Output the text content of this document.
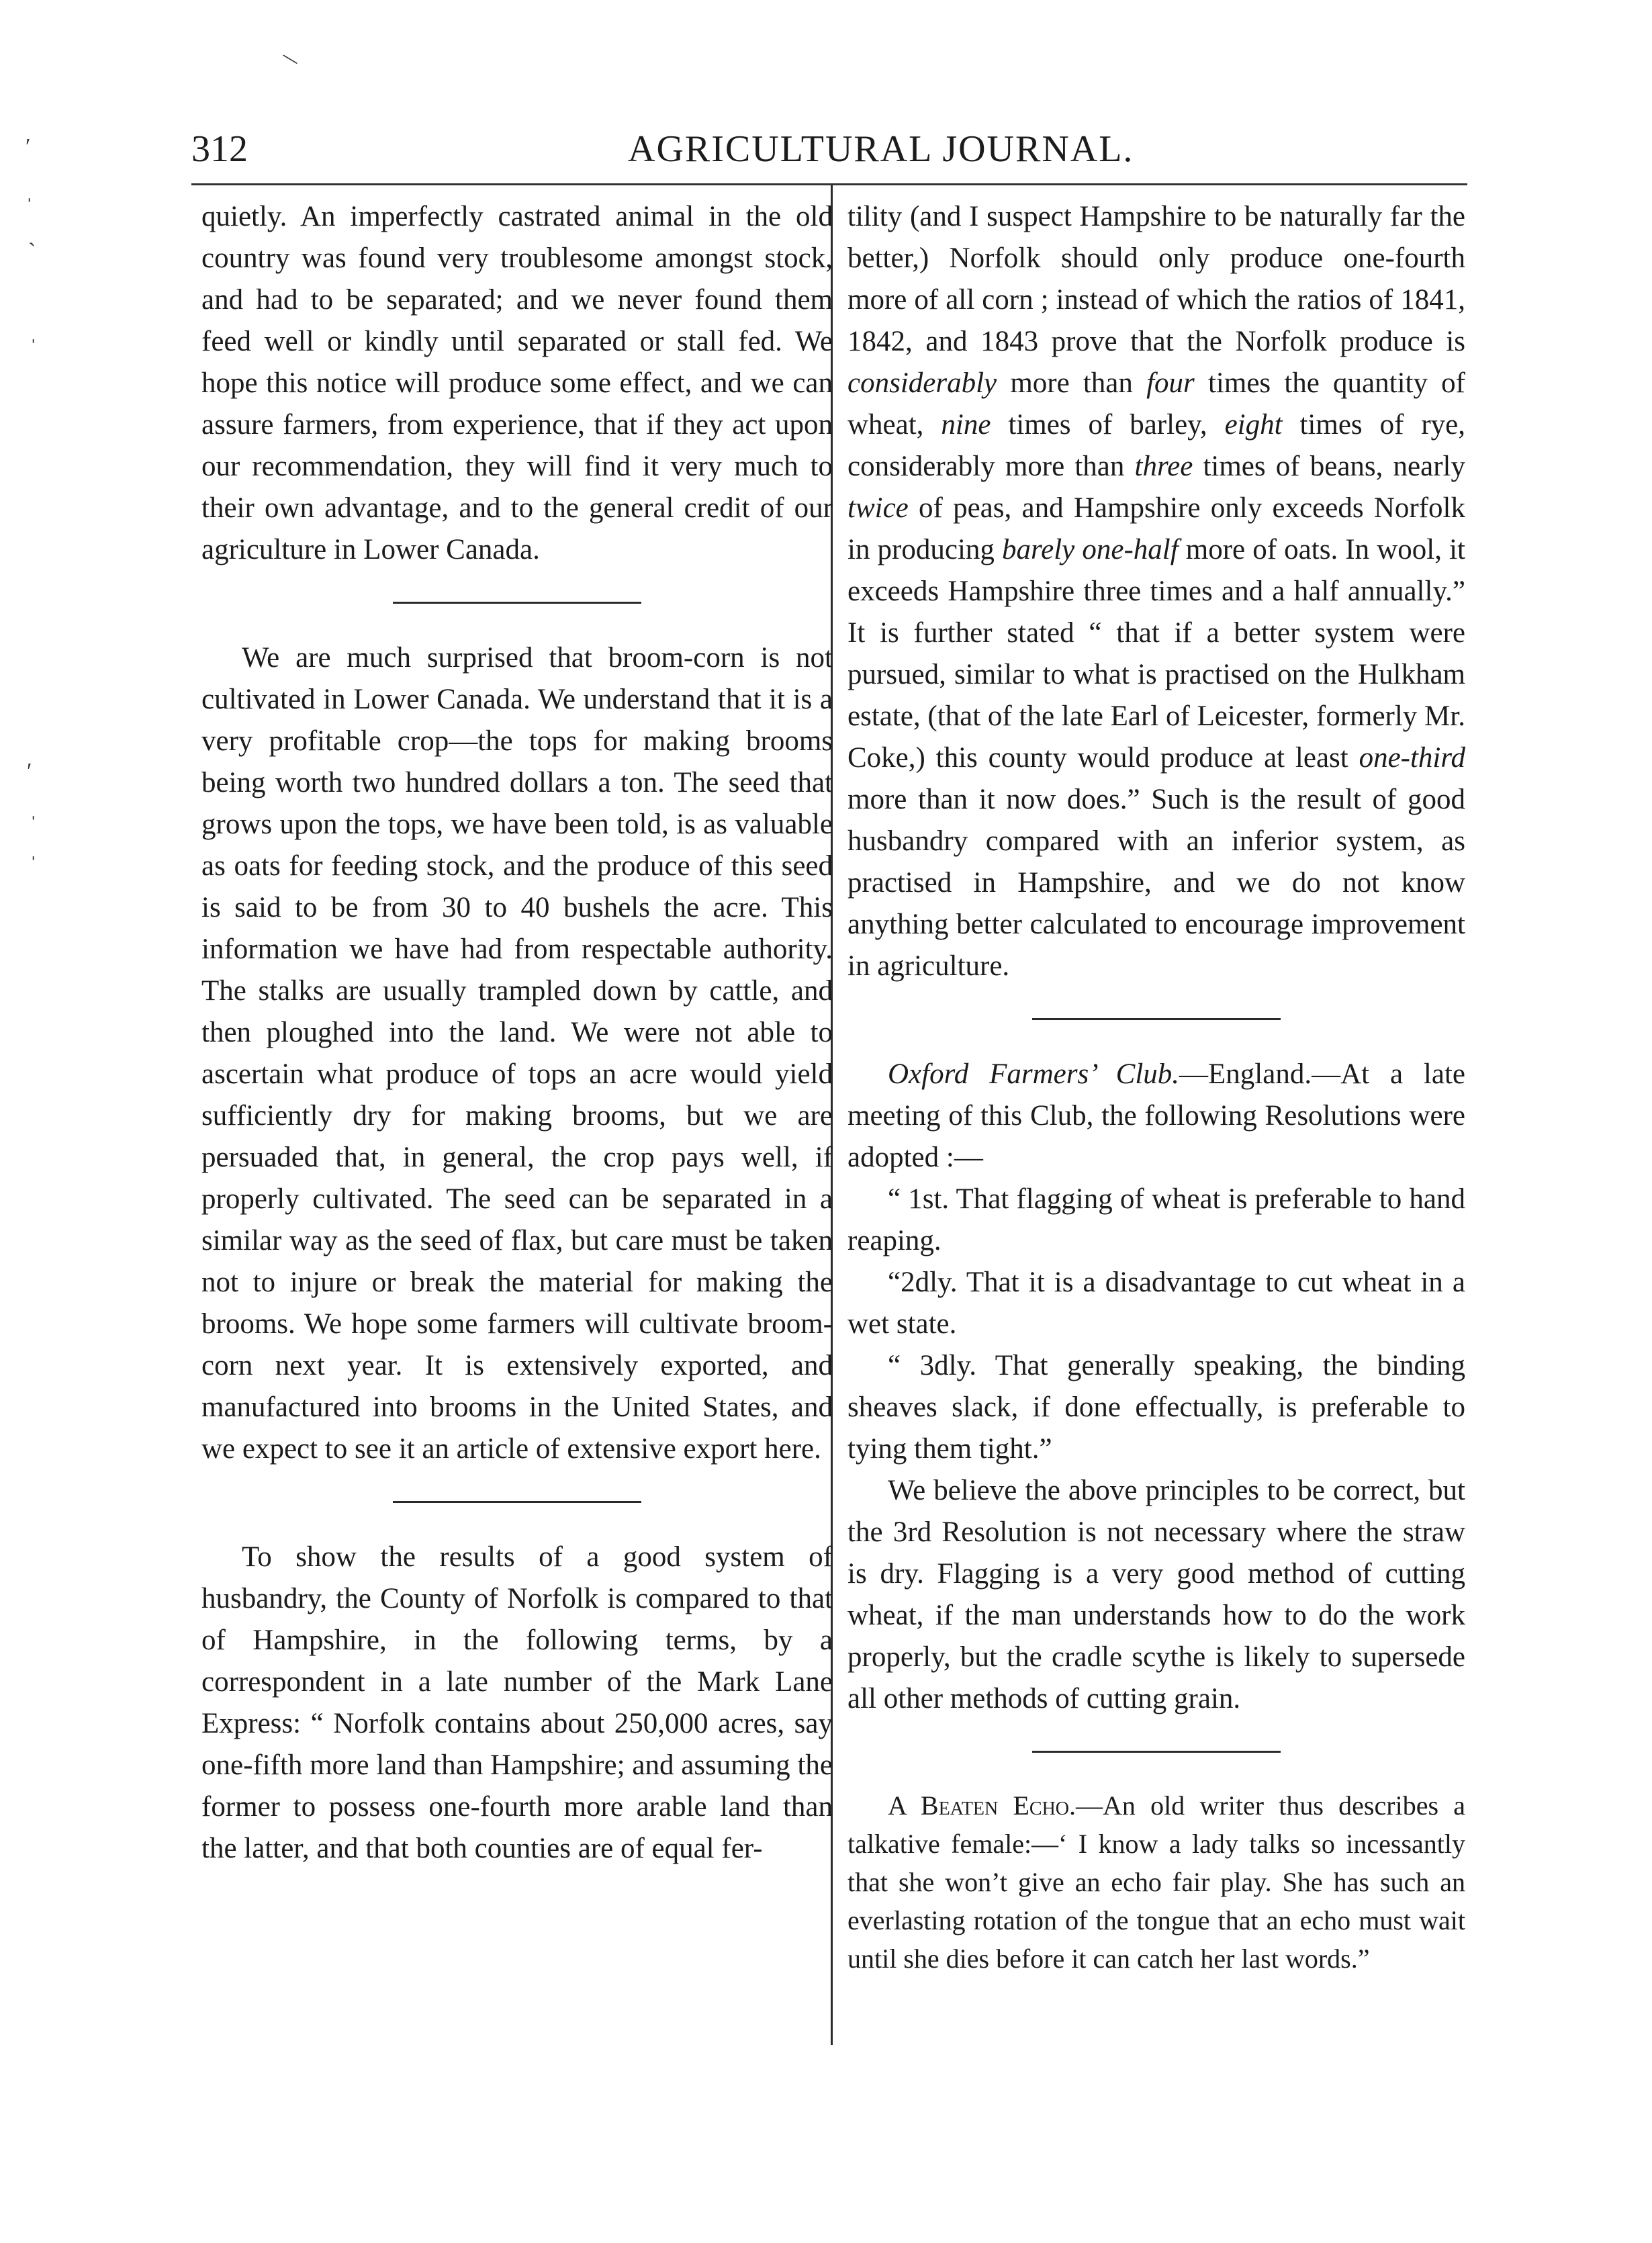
\
′
ˈ
ˎ
ˈ
′
ˈ
ˈ
312	AGRICULTURAL JOURNAL.

quietly. An imperfectly castrated animal in the old country was found very troublesome amongst stock, and had to be separated; and we never found them feed well or kindly until separated or stall fed. We hope this notice will produce some effect, and we can assure farmers, from experience, that if they act upon our recommendation, they will find it very much to their own advantage, and to the general credit of our agriculture in Lower Canada.

We are much surprised that broom-corn is not cultivated in Lower Canada. We understand that it is a very profitable crop—the tops for making brooms being worth two hundred dollars a ton. The seed that grows upon the tops, we have been told, is as valuable as oats for feeding stock, and the produce of this seed is said to be from 30 to 40 bushels the acre. This information we have had from respectable authority. The stalks are usually trampled down by cattle, and then ploughed into the land. We were not able to ascertain what produce of tops an acre would yield sufficiently dry for making brooms, but we are persuaded that, in general, the crop pays well, if properly cultivated. The seed can be separated in a similar way as the seed of flax, but care must be taken not to injure or break the material for making the brooms. We hope some farmers will cultivate broom-corn next year. It is extensively exported, and manufactured into brooms in the United States, and we expect to see it an article of extensive export here.

To show the results of a good system of husbandry, the County of Norfolk is compared to that of Hampshire, in the following terms, by a correspondent in a late number of the Mark Lane Express: “ Norfolk contains about 250,000 acres, say one-fifth more land than Hampshire; and assuming the former to possess one-fourth more arable land than the latter, and that both counties are of equal fer-

tility (and I suspect Hampshire to be naturally far the better,) Norfolk should only produce one-fourth more of all corn ; instead of which the ratios of 1841, 1842, and 1843 prove that the Norfolk produce is considerably more than four times the quantity of wheat, nine times of barley, eight times of rye, considerably more than three times of beans, nearly twice of peas, and Hampshire only exceeds Norfolk in producing barely one-half more of oats. In wool, it exceeds Hampshire three times and a half annually.” It is further stated “ that if a better system were pursued, similar to what is practised on the Hulkham estate, (that of the late Earl of Leicester, formerly Mr. Coke,) this county would produce at least one-third more than it now does.” Such is the result of good husbandry compared with an inferior system, as practised in Hampshire, and we do not know anything better calculated to encourage improvement in agriculture.

Oxford Farmers’ Club.—England.—At a late meeting of this Club, the following Resolutions were adopted :—

“ 1st. That flagging of wheat is preferable to hand reaping.

“2dly. That it is a disadvantage to cut wheat in a wet state.

“ 3dly. That generally speaking, the binding sheaves slack, if done effectually, is preferable to tying them tight.”

We believe the above principles to be correct, but the 3rd Resolution is not necessary where the straw is dry. Flagging is a very good method of cutting wheat, if the man understands how to do the work properly, but the cradle scythe is likely to supersede all other methods of cutting grain.

A Beaten Echo.—An old writer thus describes a talkative female:—‘ I know a lady talks so incessantly that she won’t give an echo fair play. She has such an everlasting rotation of the tongue that an echo must wait until she dies before it can catch her last words.”
